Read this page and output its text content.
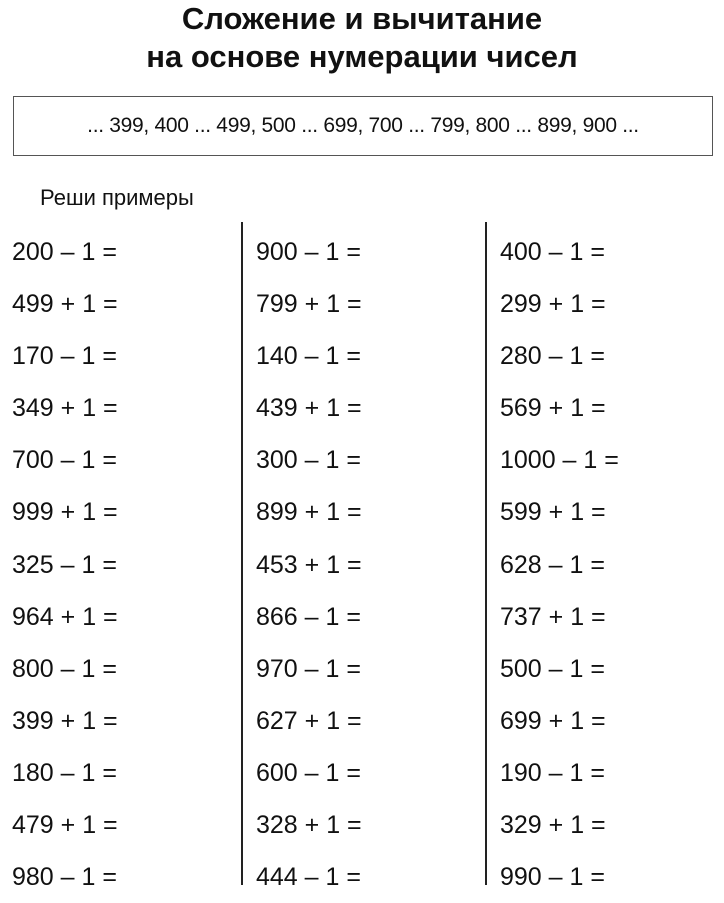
Сложение и вычитание
на основе нумерации чисел
... 399, 400 ... 499, 500 ... 699, 700 ... 799, 800 ... 899, 900 ...
Реши примеры
200 – 1 =
499 + 1 =
170 – 1 =
349 + 1 =
700 – 1 =
999 + 1 =
325 – 1 =
964 + 1 =
800 – 1 =
399 + 1 =
180 – 1 =
479 + 1 =
980 – 1 =
900 – 1 =
799 + 1 =
140 – 1 =
439 + 1 =
300 – 1 =
899 + 1 =
453 + 1 =
866 – 1 =
970 – 1 =
627 + 1 =
600 – 1 =
328 + 1 =
444 – 1 =
400 – 1 =
299 + 1 =
280 – 1 =
569 + 1 =
1000 – 1 =
599 + 1 =
628 – 1 =
737 + 1 =
500 – 1 =
699 + 1 =
190 – 1 =
329 + 1 =
990 – 1 =
